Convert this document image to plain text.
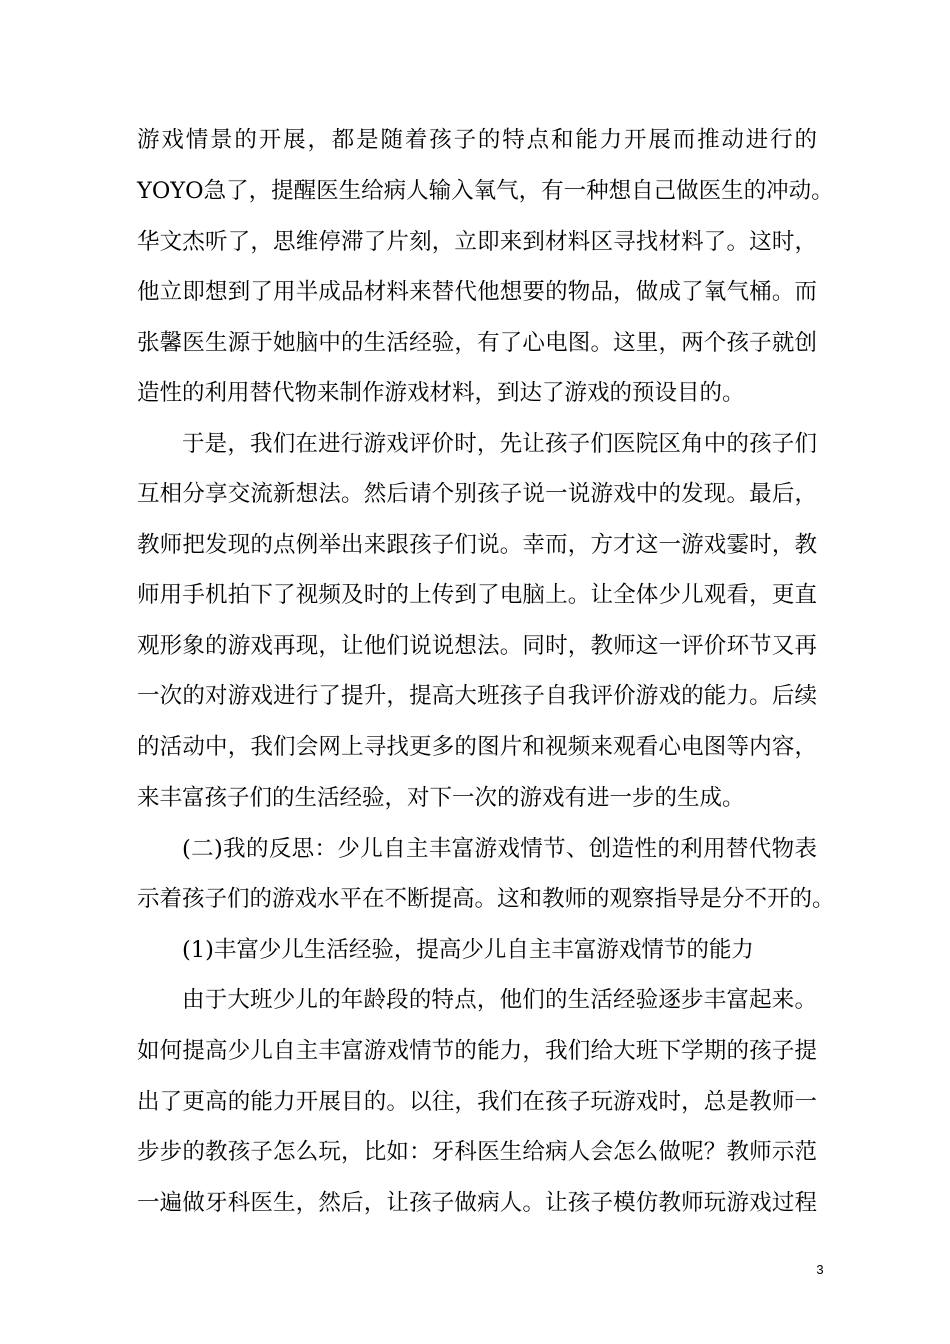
游戏情景的开展，都是随着孩子的特点和能力开展而推动进行的
YOYO急了，提醒医生给病人输入氧气，有一种想自己做医生的冲动。
华文杰听了，思维停滞了片刻，立即来到材料区寻找材料了。这时，
他立即想到了用半成品材料来替代他想要的物品，做成了氧气桶。而
张馨医生源于她脑中的生活经验，有了心电图。这里，两个孩子就创
造性的利用替代物来制作游戏材料，到达了游戏的预设目的。
于是，我们在进行游戏评价时，先让孩子们医院区角中的孩子们
互相分享交流新想法。然后请个别孩子说一说游戏中的发现。最后，
教师把发现的点例举出来跟孩子们说。幸而，方才这一游戏霎时，教
师用手机拍下了视频及时的上传到了电脑上。让全体少儿观看，更直
观形象的游戏再现，让他们说说想法。同时，教师这一评价环节又再
一次的对游戏进行了提升，提高大班孩子自我评价游戏的能力。后续
的活动中，我们会网上寻找更多的图片和视频来观看心电图等内容，
来丰富孩子们的生活经验，对下一次的游戏有进一步的生成。
(二)我的反思：少儿自主丰富游戏情节、创造性的利用替代物表
示着孩子们的游戏水平在不断提高。这和教师的观察指导是分不开的。
(1)丰富少儿生活经验，提高少儿自主丰富游戏情节的能力
由于大班少儿的年龄段的特点，他们的生活经验逐步丰富起来。
如何提高少儿自主丰富游戏情节的能力，我们给大班下学期的孩子提
出了更高的能力开展目的。以往，我们在孩子玩游戏时，总是教师一
步步的教孩子怎么玩，比如：牙科医生给病人会怎么做呢？教师示范
一遍做牙科医生，然后，让孩子做病人。让孩子模仿教师玩游戏过程
3
